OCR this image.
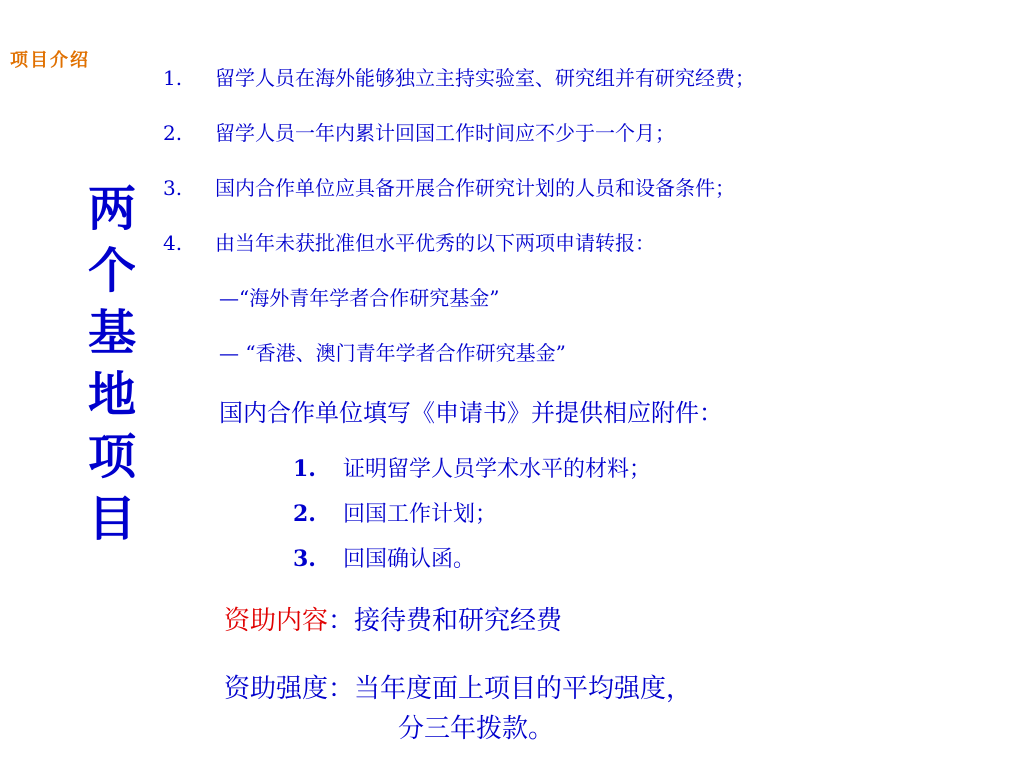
项目介绍
两
个
基
地
项
目
1. 留学人员在海外能够独立主持实验室、研究组并有研究经费；
2. 留学人员一年内累计回国工作时间应不少于一个月；
3. 国内合作单位应具备开展合作研究计划的人员和设备条件；
4. 由当年未获批准但水平优秀的以下两项申请转报：
—“海外青年学者合作研究基金”
— “香港、澳门青年学者合作研究基金”
国内合作单位填写《申请书》并提供相应附件：
1. 证明留学人员学术水平的材料；
2. 回国工作计划；
3. 回国确认函。
资助内容：接待费和研究经费
资助强度：当年度面上项目的平均强度，
分三年拨款。
